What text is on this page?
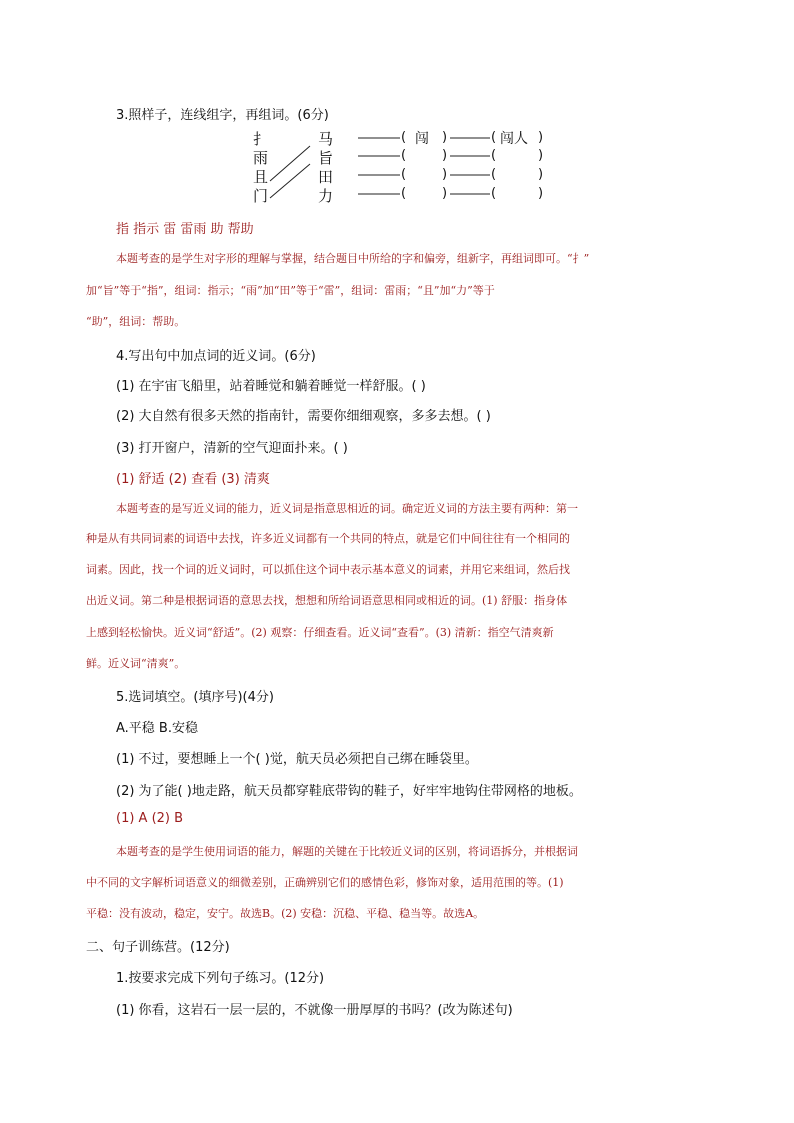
3.照样子，连线组字，再组词。(6分)
扌
雨
且
门
马
旨
田
力
(
(
(
(
闯 )
)
)
)
(
(
(
(
闯人 )
)
)
)
指 指示 雷 雷雨 助 帮助
本题考查的是学生对字形的理解与掌握，结合题目中所给的字和偏旁，组新字，再组词即可。“扌”
加“旨”等于“指”，组词：指示；“雨”加“田”等于“雷”，组词：雷雨；“且”加“力”等于
“助”，组词：帮助。
4.写出句中加点词的近义词。(6分)
(1) 在宇宙飞船里，站着睡觉和躺着睡觉一样舒服。( )
(2) 大自然有很多天然的指南针，需要你细细观察，多多去想。( )
(3) 打开窗户，清新的空气迎面扑来。( )
(1) 舒适 (2) 查看 (3) 清爽
本题考查的是写近义词的能力，近义词是指意思相近的词。确定近义词的方法主要有两种：第一
种是从有共同词素的词语中去找，许多近义词都有一个共同的特点，就是它们中间往往有一个相同的
词素。因此，找一个词的近义词时，可以抓住这个词中表示基本意义的词素，并用它来组词，然后找
出近义词。第二种是根据词语的意思去找，想想和所给词语意思相同或相近的词。(1) 舒服：指身体
上感到轻松愉快。近义词“舒适”。(2) 观察：仔细查看。近义词“查看”。(3) 清新：指空气清爽新
鲜。近义词“清爽”。
5.选词填空。(填序号)(4分)
A.平稳 B.安稳
(1) 不过，要想睡上一个( )觉，航天员必须把自己绑在睡袋里。
(2) 为了能( )地走路，航天员都穿鞋底带钩的鞋子，好牢牢地钩住带网格的地板。
(1) A (2) B
本题考查的是学生使用词语的能力，解题的关键在于比较近义词的区别，将词语拆分，并根据词
中不同的文字解析词语意义的细微差别，正确辨别它们的感情色彩，修饰对象，适用范围的等。(1)
平稳：没有波动，稳定，安宁。故选B。(2) 安稳：沉稳、平稳、稳当等。故选A。
二、句子训练营。(12分)
1.按要求完成下列句子练习。(12分)
(1) 你看，这岩石一层一层的，不就像一册厚厚的书吗？(改为陈述句)
